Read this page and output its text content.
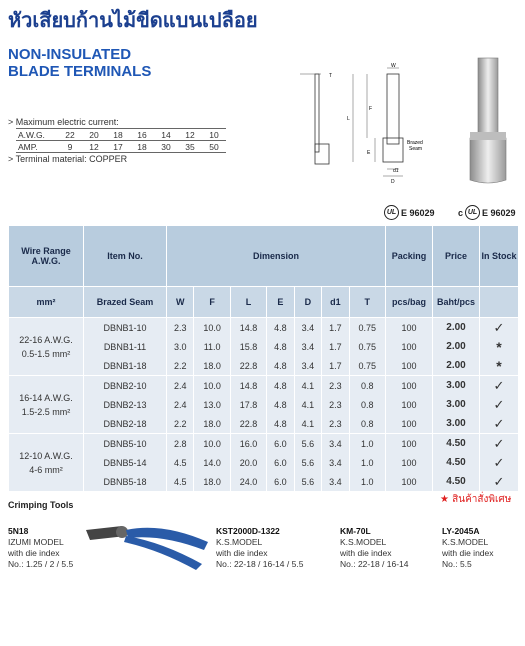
หัวเสียบก้านไม้ขีดแบนเปลือย
NON-INSULATED
BLADE TERMINALS
> Maximum electric current:
A.W.G.	22	20	18	16	14	12	10
AMP.	9	12	17	18	30	35	50
> Terminal material: COPPER
T
W
L
F
E
Brazed
Seam
d1
D
UL E 96029	c UL E 96029
Wire Range A.W.G.	Item No.	Dimension							Packing	Price	In Stock
mm²	Brazed Seam	W	F	L	E	D	d1	T	pcs/bag	Baht/pcs	

22-16 A.W.G.
0.5-1.5 mm²	DBNB1-10	2.3	10.0	14.8	4.8	3.4	1.7	0.75	100	2.00	✓
	DBNB1-11	3.0	11.0	15.8	4.8	3.4	1.7	0.75	100	2.00	*
	DBNB1-18	2.2	18.0	22.8	4.8	3.4	1.7	0.75	100	2.00	*

16-14 A.W.G.
1.5-2.5 mm²	DBNB2-10	2.4	10.0	14.8	4.8	4.1	2.3	0.8	100	3.00	✓
	DBNB2-13	2.4	13.0	17.8	4.8	4.1	2.3	0.8	100	3.00	✓
	DBNB2-18	2.2	18.0	22.8	4.8	4.1	2.3	0.8	100	3.00	✓

12-10 A.W.G.
4-6 mm²	DBNB5-10	2.8	10.0	16.0	6.0	5.6	3.4	1.0	100	4.50	✓
	DBNB5-14	4.5	14.0	20.0	6.0	5.6	3.4	1.0	100	4.50	✓
	DBNB5-18	4.5	18.0	24.0	6.0	5.6	3.4	1.0	100	4.50	✓
★ สินค้าสั่งพิเศษ
Crimping Tools
5N18
IZUMI MODEL
with die index
No.: 1.25 / 2 / 5.5
KST2000D-1322
K.S.MODEL
with die index
No.: 22-18 / 16-14 / 5.5
KM-70L
K.S.MODEL
with die index
No.: 22-18 / 16-14
LY-2045A
K.S.MODEL
with die index
No.: 5.5
